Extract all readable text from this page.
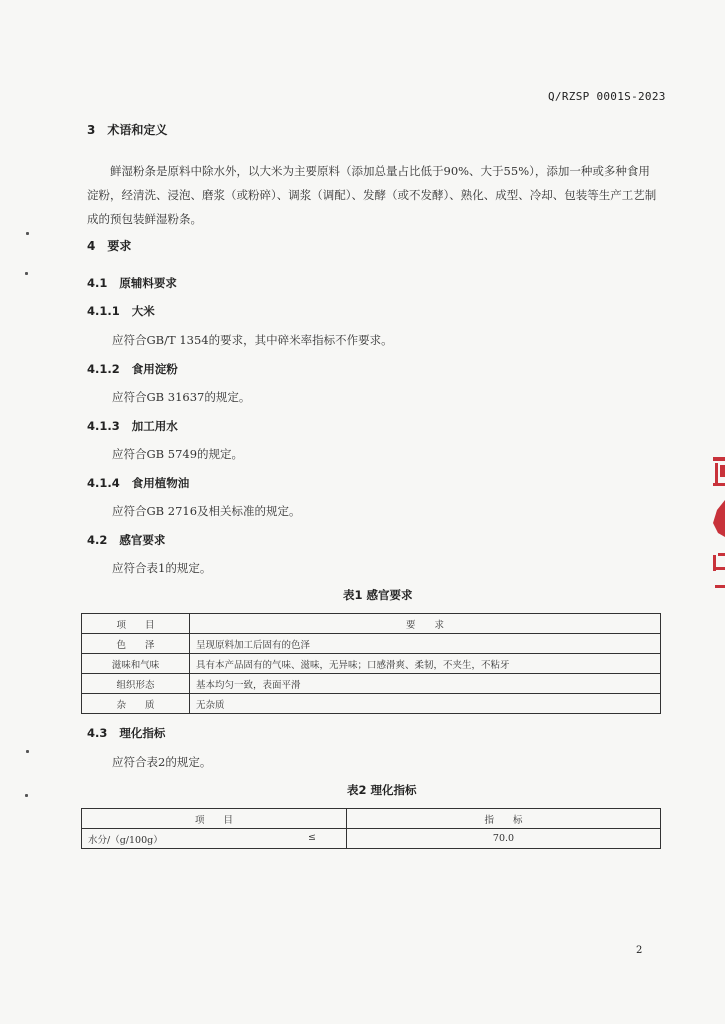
Q/RZSP 0001S-2023
3 术语和定义
鲜湿粉条是原料中除水外，以大米为主要原料（添加总量占比低于90%、大于55%），添加一种或多种食用淀粉，经清洗、浸泡、磨浆（或粉碎）、调浆（调配）、发酵（或不发酵）、熟化、成型、冷却、包装等生产工艺制成的预包装鲜湿粉条。
4 要求
4.1 原辅料要求
4.1.1 大米
应符合GB/T 1354的要求，其中碎米率指标不作要求。
4.1.2 食用淀粉
应符合GB 31637的规定。
4.1.3 加工用水
应符合GB 5749的规定。
4.1.4 食用植物油
应符合GB 2716及相关标准的规定。
4.2 感官要求
应符合表1的规定。
表1 感官要求
项　　目	要　　求
色　　泽	呈现原料加工后固有的色泽
滋味和气味	具有本产品固有的气味、滋味，无异味；口感滑爽、柔韧，不夹生，不粘牙
组织形态	基本均匀一致，表面平滑
杂　　质	无杂质
4.3 理化指标
应符合表2的规定。
表2 理化指标
项　　目	指　　标
水分/（g/100g） ≤	70.0
2
